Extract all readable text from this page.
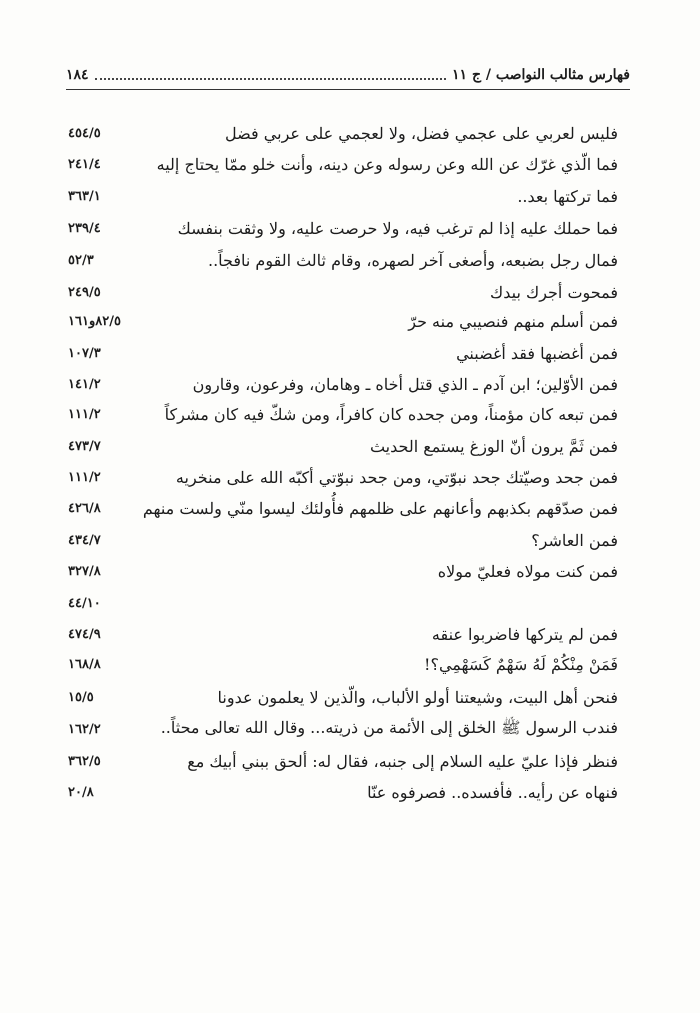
فهارس مثالب النواصب / ج ١١
١٨٤
فليس لعربي على عجمي فضل، ولا لعجمي على عربي فضل
٤٥٤/٥
فما الّذي غرّك عن الله وعن رسوله وعن دينه، وأنت خلو ممّا يحتاج إليه
٢٤١/٤
فما تركتها بعد..
٣٦٣/١
فما حملك عليه إذا لم ترغب فيه، ولا حرصت عليه، ولا وثقت بنفسك
٢٣٩/٤
فمال رجل بضبعه، وأصغى آخر لصهره، وقام ثالث القوم نافجاً..
٥٢/٣
فمحوت أجرك بيدك
٢٤٩/٥
فمن أسلم منهم فنصيبي منه حرّ
٨٢/٥و١٦١
فمن أغضبها فقد أغضبني
١٠٧/٣
فمن الأوّلين؛ ابن آدم ـ الذي قتل أخاه ـ وهامان، وفرعون، وقارون
١٤١/٢
فمن تبعه كان مؤمناً، ومن جحده كان كافراً، ومن شكّ فيه كان مشركاً
١١١/٢
فمن ثَمَّ يرون أنّ الوزغ يستمع الحديث
٤٧٣/٧
فمن جحد وصيّتك جحد نبوّتي، ومن جحد نبوّتي أكبّه الله على منخريه
١١١/٢
فمن صدّقهم بكذبهم وأعانهم على ظلمهم فأُولئك ليسوا منّي ولست منهم
٤٢٦/٨
فمن العاشر؟
٤٣٤/٧
فمن كنت مولاه فعليّ مولاه
٣٢٧/٨
٤٤/١٠
فمن لم يتركها فاضربوا عنقه
٤٧٤/٩
فَمَنْ مِنْكُمْ لَهُ سَهْمٌ كَسَهْمِي؟!
١٦٨/٨
فنحن أهل البيت، وشيعتنا أولو الألباب، والّذين لا يعلمون عدونا
١٥/٥
فندب الرسول ﷺ الخلق إلى الأئمة من ذريته... وقال الله تعالى محثاً..
١٦٢/٢
فنظر فإذا عليّ عليه السلام إلى جنبه، فقال له: ألحق ببني أبيك مع
٣٦٢/٥
فنهاه عن رأيه.. فأفسده.. فصرفوه عنّا
٢٠/٨
